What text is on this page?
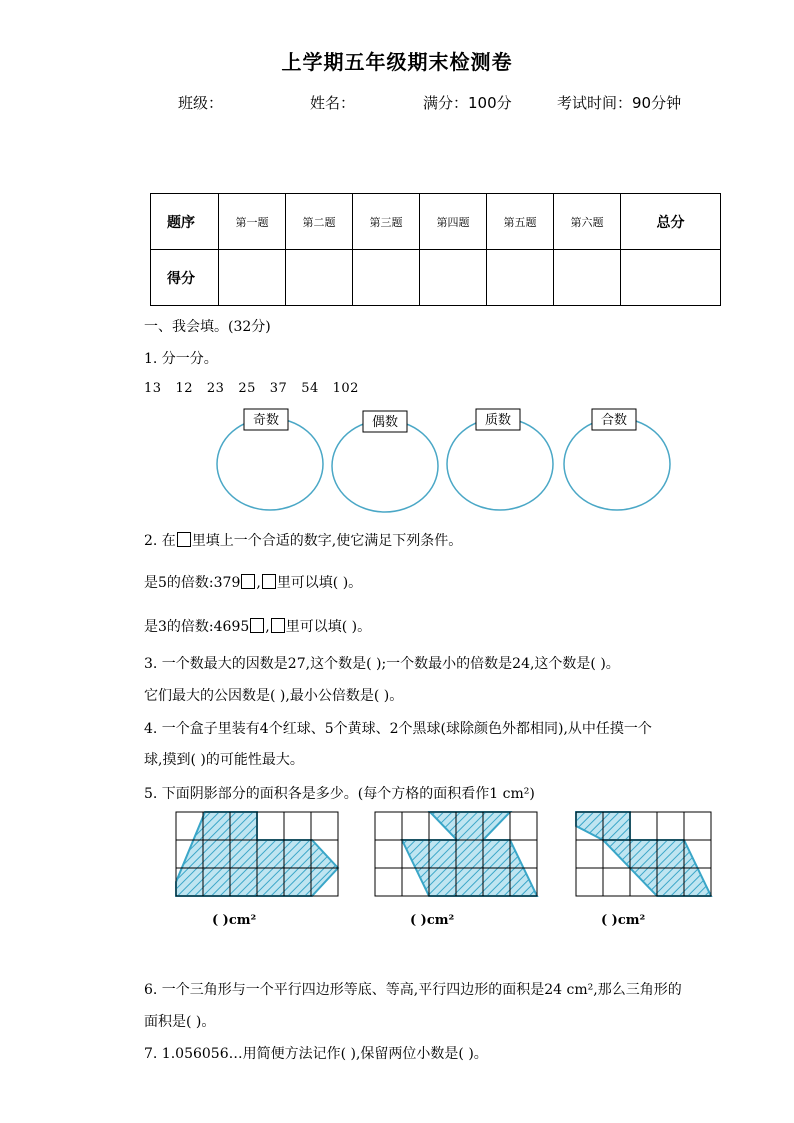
上学期五年级期末检测卷
班级：	姓名：	满分：100分	考试时间：90分钟
题序	第一题	第二题	第三题	第四题	第五题	第六题	总分
得分							
一、我会填。(32分)
1. 分一分。
13   12   23   25   37   54   102
奇数	偶数	质数	合数
2. 在 里填上一个合适的数字,使它满足下列条件。
是5的倍数:379 , 里可以填( )。
是3的倍数:4695 , 里可以填( )。
3. 一个数最大的因数是27,这个数是( );一个数最小的倍数是24,这个数是( )。
它们最大的公因数是( ),最小公倍数是( )。
4. 一个盒子里装有4个红球、5个黄球、2个黑球(球除颜色外都相同),从中任摸一个
球,摸到( )的可能性最大。
5. 下面阴影部分的面积各是多少。(每个方格的面积看作1 cm²)
( )cm²	( )cm²	( )cm²
6. 一个三角形与一个平行四边形等底、等高,平行四边形的面积是24 cm²,那么三角形的
面积是( )。
7. 1.056056…用简便方法记作( ),保留两位小数是( )。
